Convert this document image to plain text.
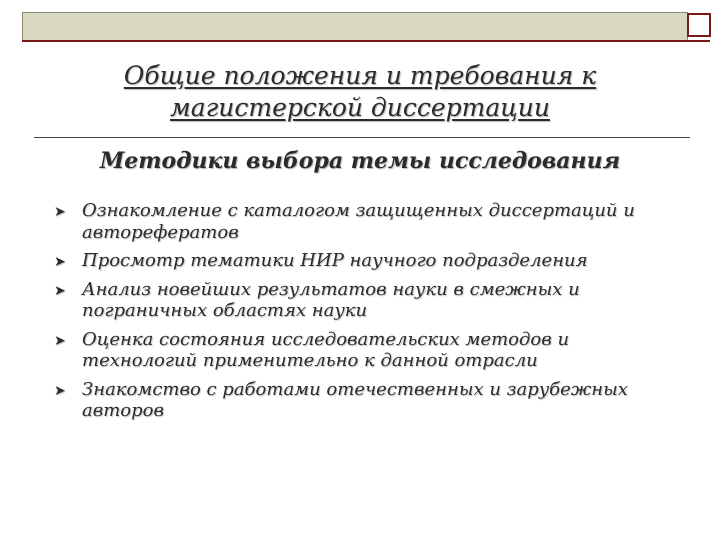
Общие положения и требования к магистерской диссертации
Методики выбора темы исследования
➤ Ознакомление с каталогом защищенных диссертаций и авторефератов
➤ Просмотр тематики НИР научного подразделения
➤ Анализ новейших результатов науки в смежных и пограничных областях науки
➤ Оценка состояния исследовательских методов и технологий применительно к данной отрасли
➤ Знакомство с работами отечественных и зарубежных авторов
